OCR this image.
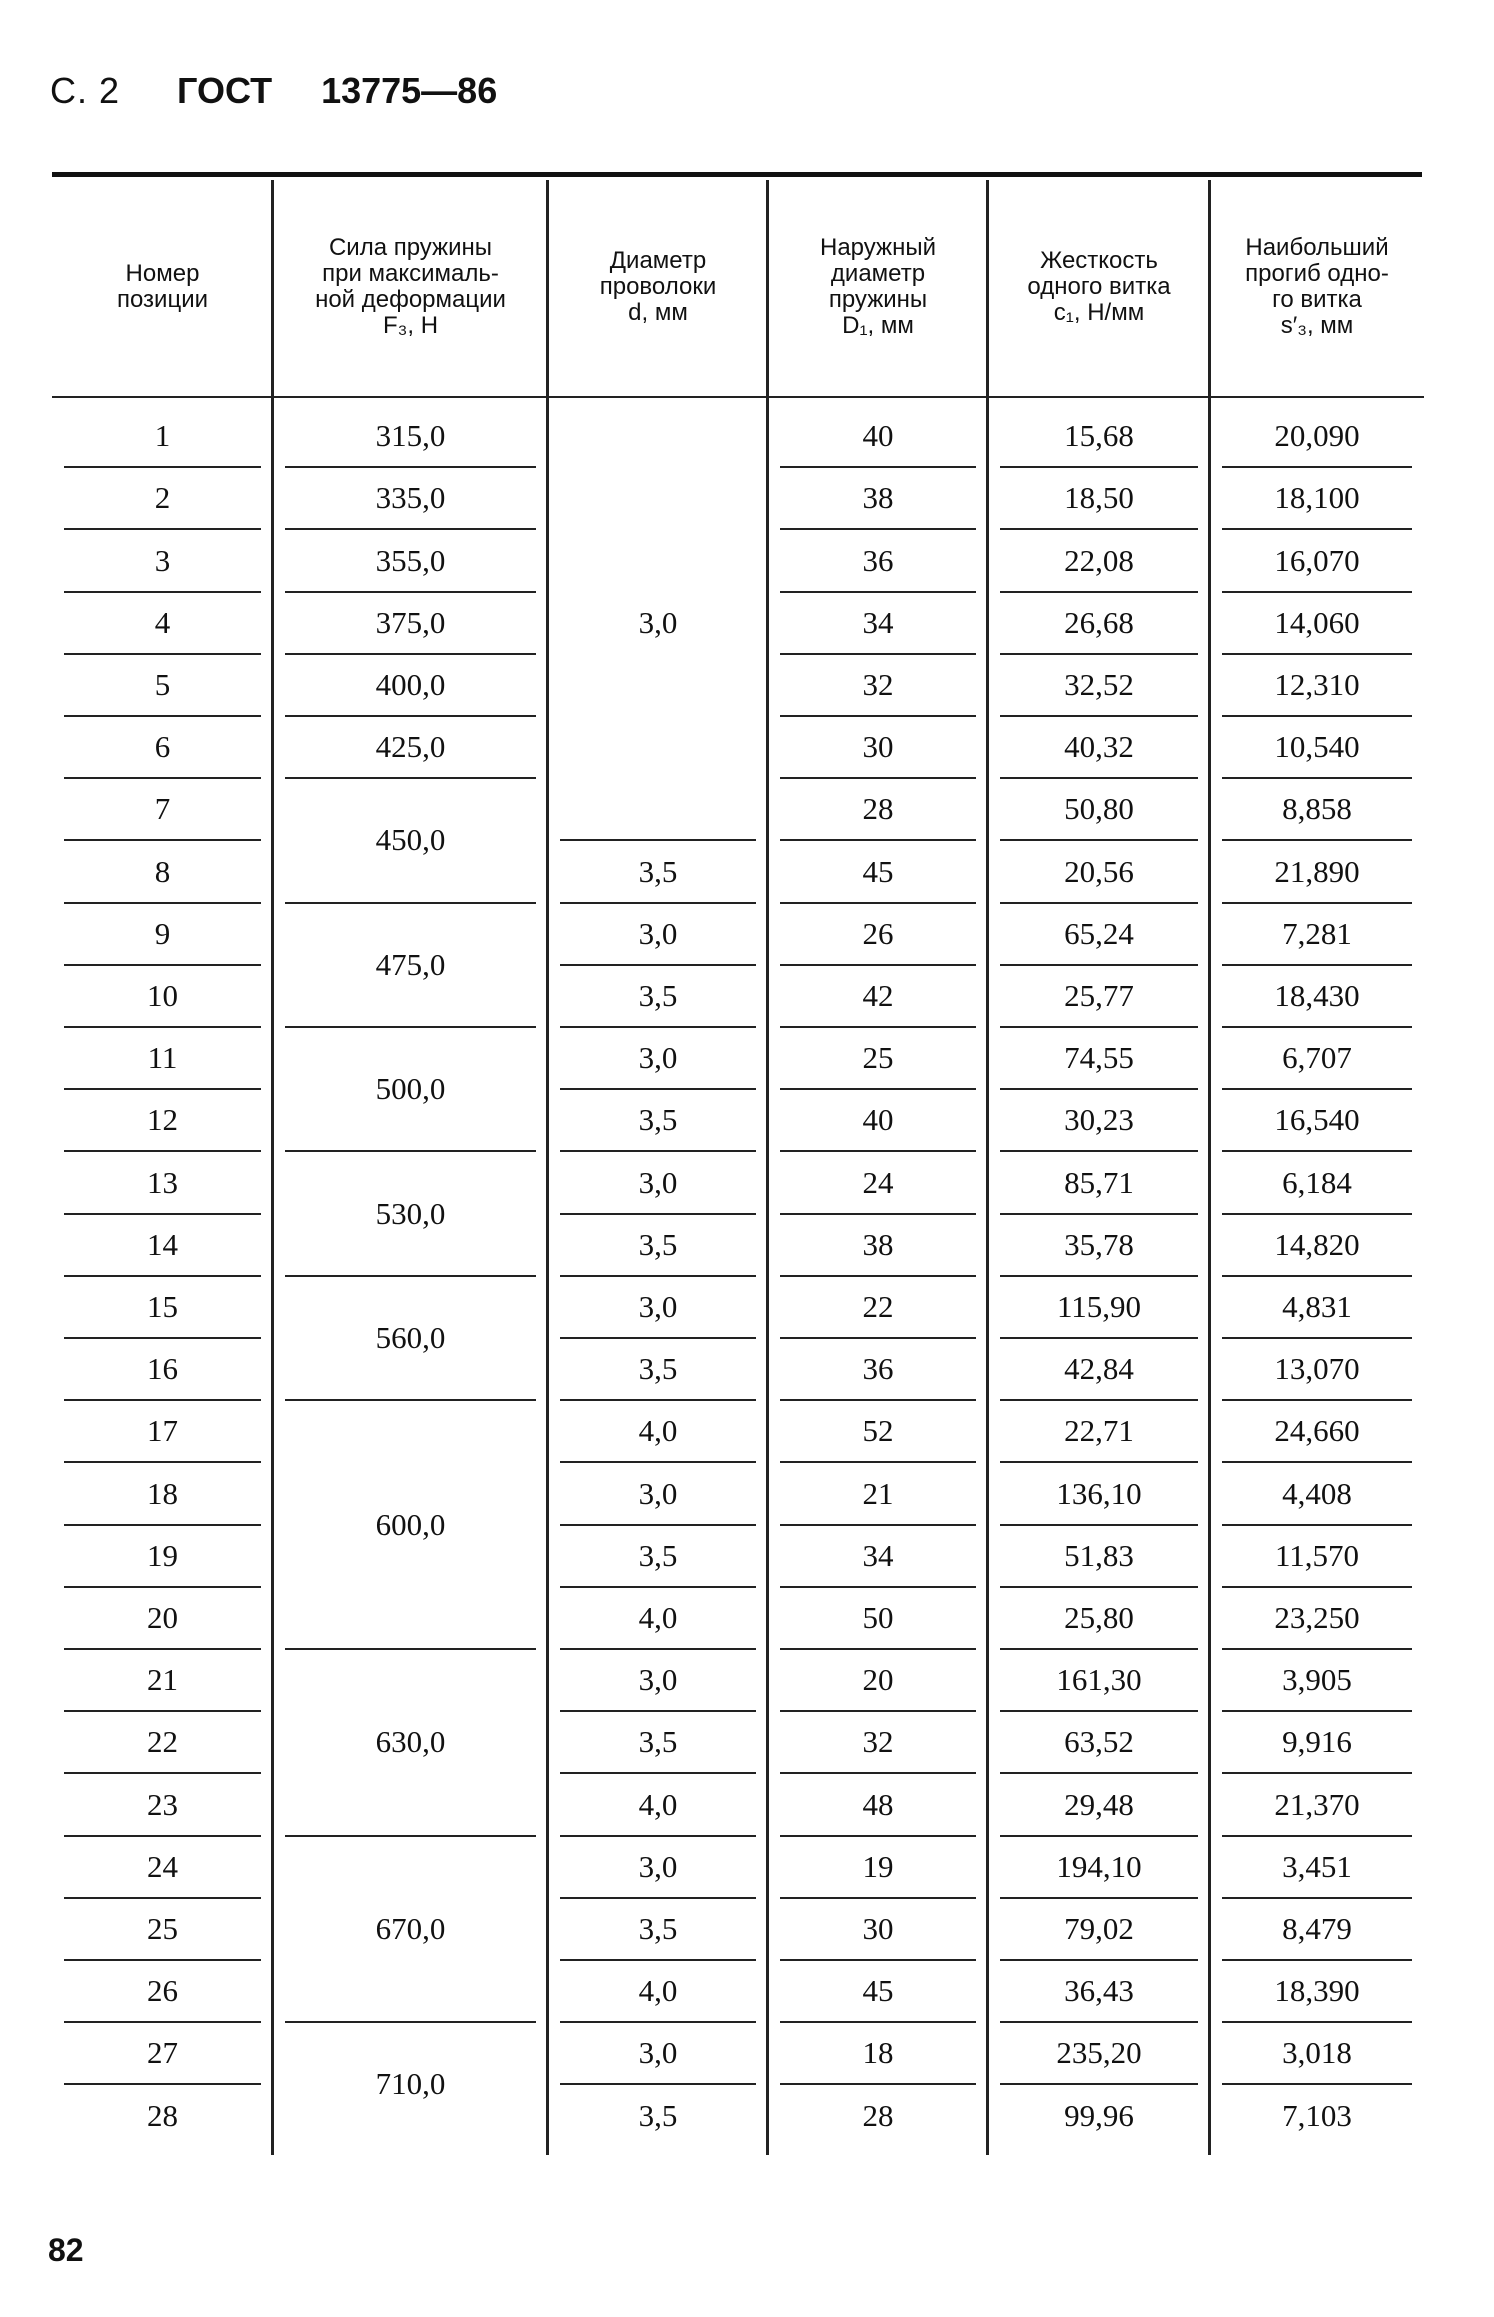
С. 2 ГОСТ 13775—86
Номер
позиции
Сила пружины
при максималь-
ной деформации
F₃, Н
Диаметр
проволоки
d, мм
Наружный
диаметр
пружины
D₁, мм
Жесткость
одного витка
c₁, Н/мм
Наибольший
прогиб одно-
го витка
s′₃, мм
1
2
3
4
5
6
7
8
9
10
11
12
13
14
15
16
17
18
19
20
21
22
23
24
25
26
27
28
315,0
335,0
355,0
375,0
400,0
425,0
450,0
475,0
500,0
530,0
560,0
600,0
630,0
670,0
710,0
3,0
3,5
3,0
3,5
3,0
3,5
3,0
3,5
3,0
3,5
4,0
3,0
3,5
4,0
3,0
3,5
4,0
3,0
3,5
4,0
3,0
3,5
40
38
36
34
32
30
28
45
26
42
25
40
24
38
22
36
52
21
34
50
20
32
48
19
30
45
18
28
15,68
18,50
22,08
26,68
32,52
40,32
50,80
20,56
65,24
25,77
74,55
30,23
85,71
35,78
115,90
42,84
22,71
136,10
51,83
25,80
161,30
63,52
29,48
194,10
79,02
36,43
235,20
99,96
20,090
18,100
16,070
14,060
12,310
10,540
8,858
21,890
7,281
18,430
6,707
16,540
6,184
14,820
4,831
13,070
24,660
4,408
11,570
23,250
3,905
9,916
21,370
3,451
8,479
18,390
3,018
7,103
82
